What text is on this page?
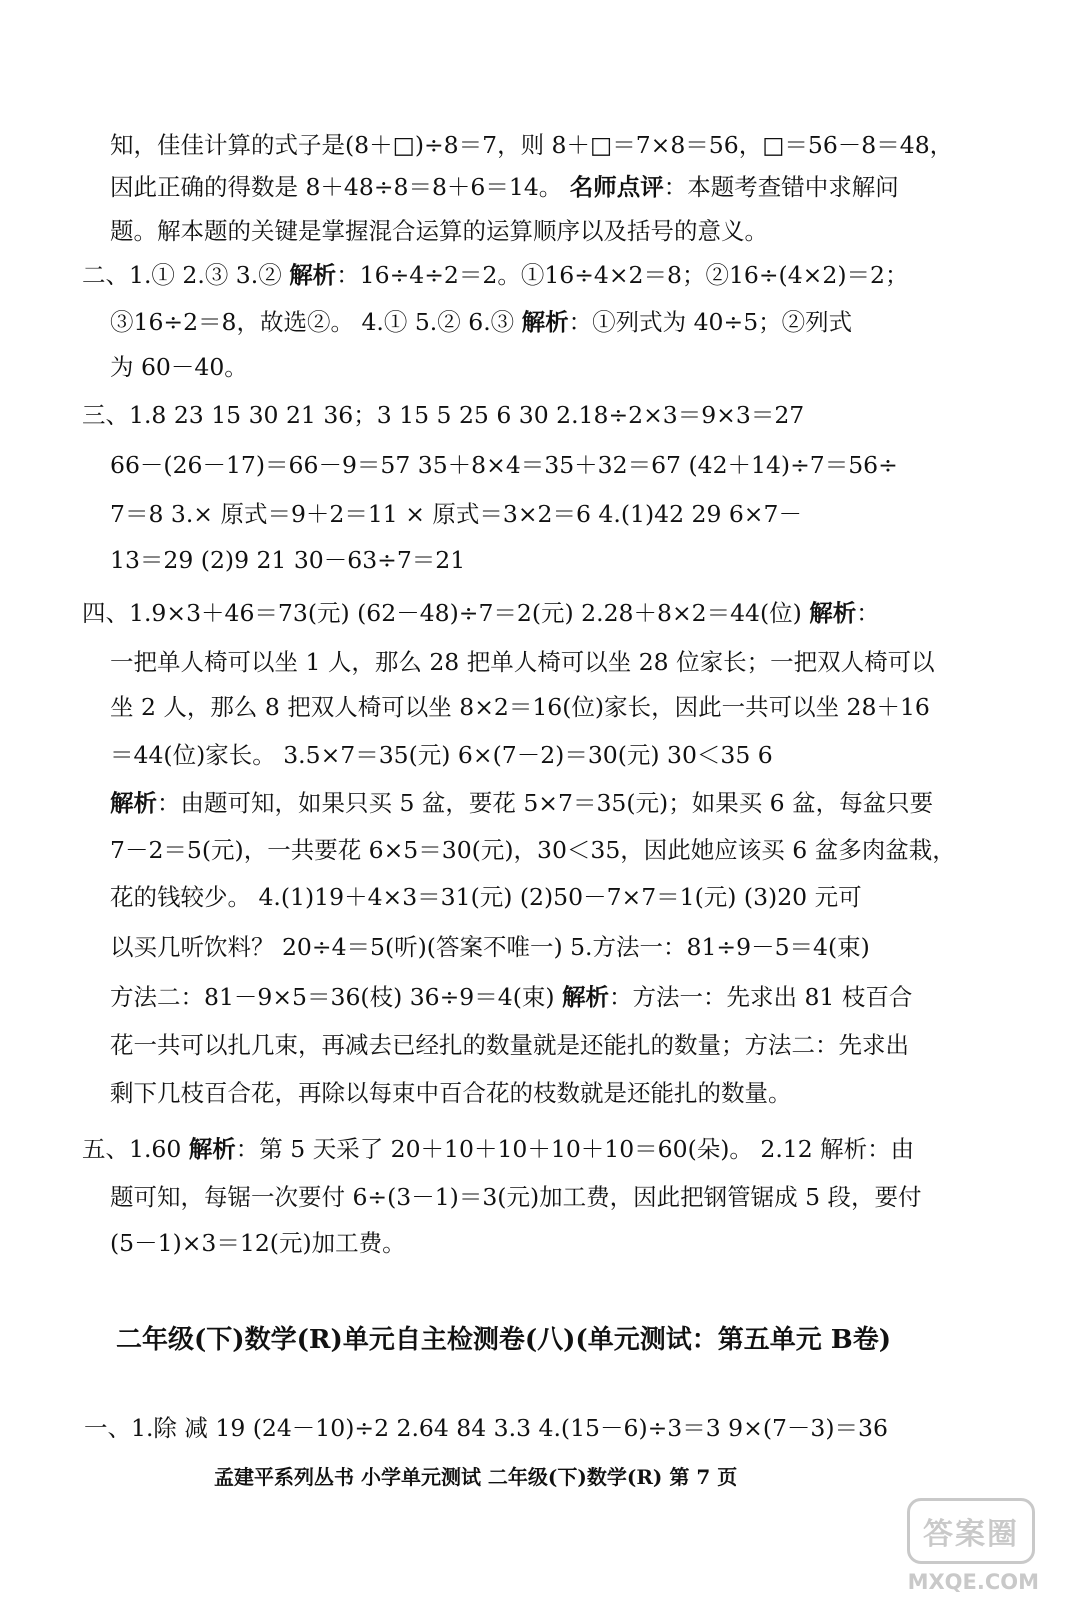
知，佳佳计算的式子是(8＋□)÷8＝7，则 8＋□＝7×8＝56，□＝56－8＝48，
因此正确的得数是 8＋48÷8＝8＋6＝14。 名师点评：本题考查错中求解问
题。解本题的关键是掌握混合运算的运算顺序以及括号的意义。
二、1.① 2.③ 3.② 解析：16÷4÷2＝2。①16÷4×2＝8；②16÷(4×2)＝2；
③16÷2＝8，故选②。 4.① 5.② 6.③ 解析：①列式为 40÷5；②列式
为 60－40。
三、1.8 23 15 30 21 36；3 15 5 25 6 30 2.18÷2×3＝9×3＝27
66－(26－17)＝66－9＝57 35＋8×4＝35＋32＝67 (42＋14)÷7＝56÷
7＝8 3.× 原式＝9＋2＝11 × 原式＝3×2＝6 4.(1)42 29 6×7－
13＝29 (2)9 21 30－63÷7＝21
四、1.9×3＋46＝73(元) (62－48)÷7＝2(元) 2.28＋8×2＝44(位) 解析：
一把单人椅可以坐 1 人，那么 28 把单人椅可以坐 28 位家长；一把双人椅可以
坐 2 人，那么 8 把双人椅可以坐 8×2＝16(位)家长，因此一共可以坐 28＋16
＝44(位)家长。 3.5×7＝35(元) 6×(7－2)＝30(元) 30＜35 6
解析：由题可知，如果只买 5 盆，要花 5×7＝35(元)；如果买 6 盆，每盆只要
7－2＝5(元)，一共要花 6×5＝30(元)，30＜35，因此她应该买 6 盆多肉盆栽，
花的钱较少。 4.(1)19＋4×3＝31(元) (2)50－7×7＝1(元) (3)20 元可
以买几听饮料？ 20÷4＝5(听)(答案不唯一) 5.方法一：81÷9－5＝4(束)
方法二：81－9×5＝36(枝) 36÷9＝4(束) 解析：方法一：先求出 81 枝百合
花一共可以扎几束，再减去已经扎的数量就是还能扎的数量；方法二：先求出
剩下几枝百合花，再除以每束中百合花的枝数就是还能扎的数量。
五、1.60 解析：第 5 天采了 20＋10＋10＋10＋10＝60(朵)。 2.12 解析：由
题可知，每锯一次要付 6÷(3－1)＝3(元)加工费，因此把钢管锯成 5 段，要付
(5－1)×3＝12(元)加工费。
二年级(下)数学(R)单元自主检测卷(八)(单元测试：第五单元 B卷)
一、1.除 减 19 (24－10)÷2 2.64 84 3.3 4.(15－6)÷3＝3 9×(7－3)＝36
孟建平系列丛书 小学单元测试 二年级(下)数学(R) 第 7 页
答案圈
MXQE.COM
